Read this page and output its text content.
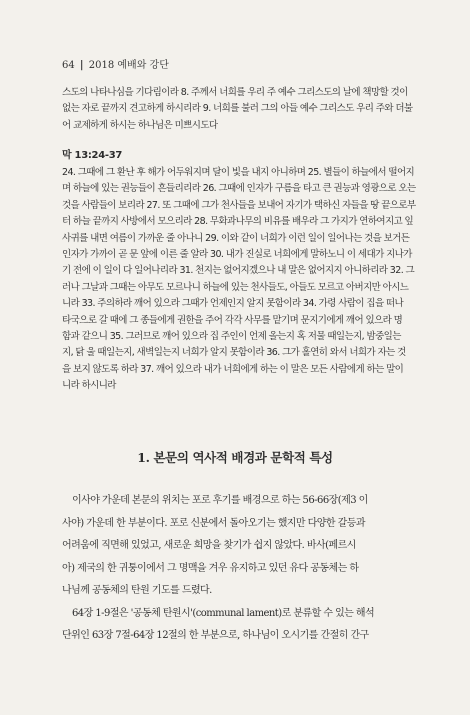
64 | 2018 예배와 강단
스도의 나타나심을 기다림이라 8. 주께서 너희를 우리 주 예수 그리스도의 날에 책망할 것이
없는 자로 끝까지 견고하게 하시리라 9. 너희를 불러 그의 아들 예수 그리스도 우리 주와 더불
어 교제하게 하시는 하나님은 미쁘시도다
막 13:24-37
24. 그때에 그 환난 후 해가 어두워지며 달이 빛을 내지 아니하며 25. 별들이 하늘에서 떨어지
며 하늘에 있는 권능들이 흔들리리라 26. 그때에 인자가 구름을 타고 큰 권능과 영광으로 오는
것을 사람들이 보리라 27. 또 그때에 그가 천사들을 보내어 자기가 택하신 자들을 땅 끝으로부
터 하늘 끝까지 사방에서 모으리라 28. 무화과나무의 비유를 배우라 그 가지가 연하여지고 잎
사귀를 내면 여름이 가까운 줄 아나니 29. 이와 같이 너희가 이런 일이 일어나는 것을 보거든
인자가 가까이 곧 문 앞에 이른 줄 알라 30. 내가 진실로 너희에게 말하노니 이 세대가 지나가
기 전에 이 일이 다 일어나리라 31. 천지는 없어지겠으나 내 말은 없어지지 아니하리라 32. 그
러나 그날과 그때는 아무도 모르나니 하늘에 있는 천사들도, 아들도 모르고 아버지만 아시느
니라 33. 주의하라 깨어 있으라 그때가 언제인지 알지 못함이라 34. 가령 사람이 집을 떠나
타국으로 갈 때에 그 종들에게 권한을 주어 각각 사무를 맡기며 문지기에게 깨어 있으라 명
함과 같으니 35. 그러므로 깨어 있으라 집 주인이 언제 올는지 혹 저물 때일는지, 밤중일는
지, 닭 울 때일는지, 새벽일는지 너희가 알지 못함이라 36. 그가 홀연히 와서 너희가 자는 것
을 보지 않도록 하라 37. 깨어 있으라 내가 너희에게 하는 이 말은 모든 사람에게 하는 말이
니라 하시니라
1. 본문의 역사적 배경과 문학적 특성
이사야 가운데 본문의 위치는 포로 후기를 배경으로 하는 56-66장(제3 이
사야) 가운데 한 부분이다. 포로 신분에서 돌아오기는 했지만 다양한 갈등과
어려움에 직면해 있었고, 새로운 희망을 찾기가 쉽지 않았다. 바사(페르시
아) 제국의 한 귀퉁이에서 그 명맥을 겨우 유지하고 있던 유다 공동체는 하
나님께 공동체의 탄원 기도를 드렸다.
64장 1-9절은 '공동체 탄원시'(communal lament)로 분류할 수 있는 해석
단위인 63장 7절-64장 12절의 한 부분으로, 하나님이 오시기를 간절히 간구
